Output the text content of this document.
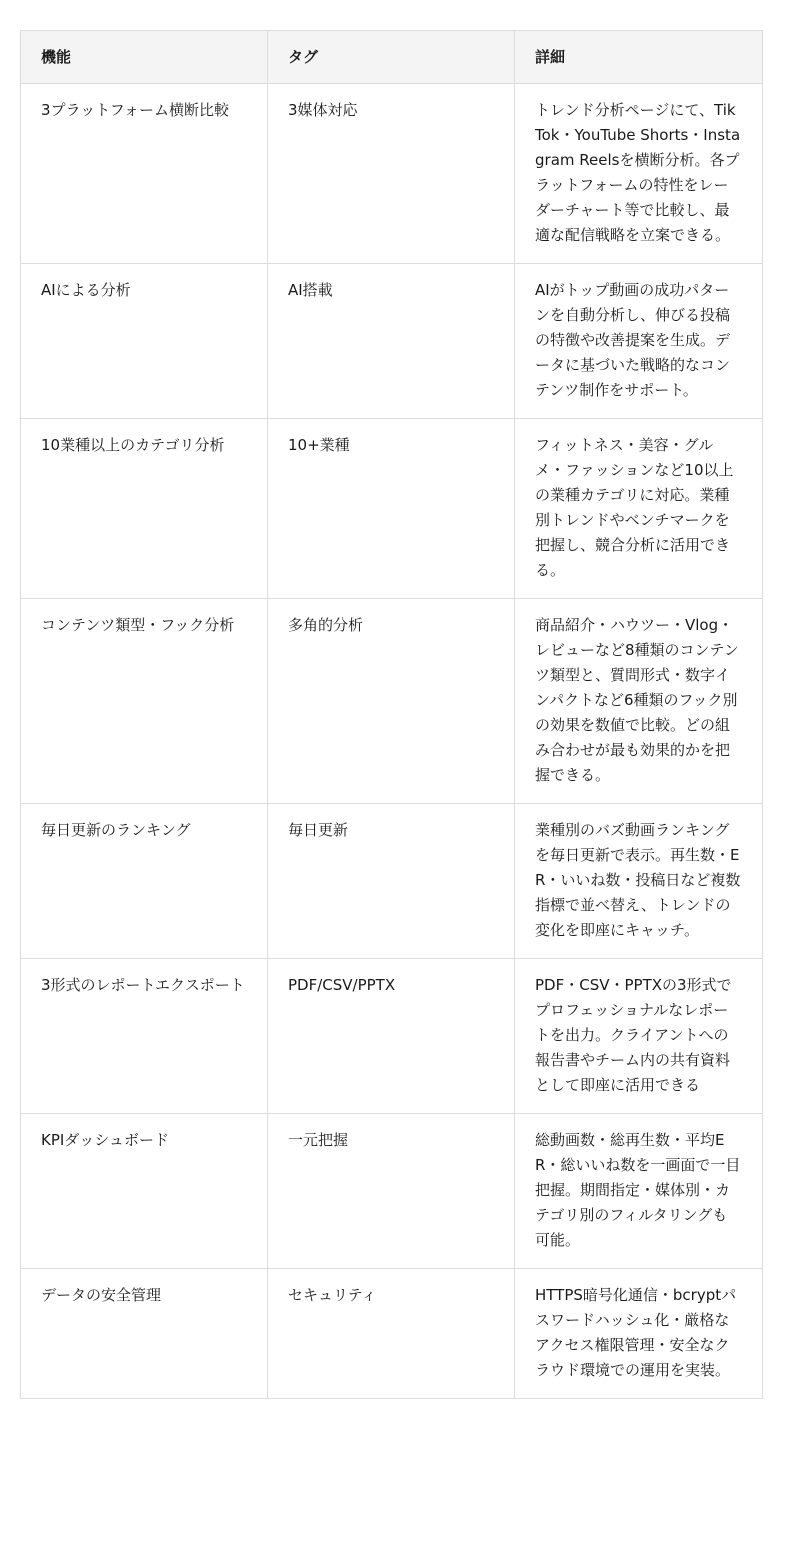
機能	タグ	詳細
3プラットフォーム横断比較	3媒体対応	トレンド分析ページにて、TikTok・YouTube Shorts・Instagram Reelsを横断分析。各プラットフォームの特性をレーダーチャート等で比較し、最適な配信戦略を立案できる。
AIによる分析	AI搭載	AIがトップ動画の成功パターンを自動分析し、伸びる投稿の特徴や改善提案を生成。データに基づいた戦略的なコンテンツ制作をサポート。
10業種以上のカテゴリ分析	10+業種	フィットネス・美容・グルメ・ファッションなど10以上の業種カテゴリに対応。業種別トレンドやベンチマークを把握し、競合分析に活用できる。
コンテンツ類型・フック分析	多角的分析	商品紹介・ハウツー・Vlog・レビューなど8種類のコンテンツ類型と、質問形式・数字インパクトなど6種類のフック別の効果を数値で比較。どの組み合わせが最も効果的かを把握できる。
毎日更新のランキング	毎日更新	業種別のバズ動画ランキングを毎日更新で表示。再生数・ER・いいね数・投稿日など複数指標で並べ替え、トレンドの変化を即座にキャッチ。
3形式のレポートエクスポート	PDF/CSV/PPTX	PDF・CSV・PPTXの3形式でプロフェッショナルなレポートを出力。クライアントへの報告書やチーム内の共有資料として即座に活用できる
KPIダッシュボード	一元把握	総動画数・総再生数・平均ER・総いいね数を一画面で一目把握。期間指定・媒体別・カテゴリ別のフィルタリングも可能。
データの安全管理	セキュリティ	HTTPS暗号化通信・bcryptパスワードハッシュ化・厳格なアクセス権限管理・安全なクラウド環境での運用を実装。
